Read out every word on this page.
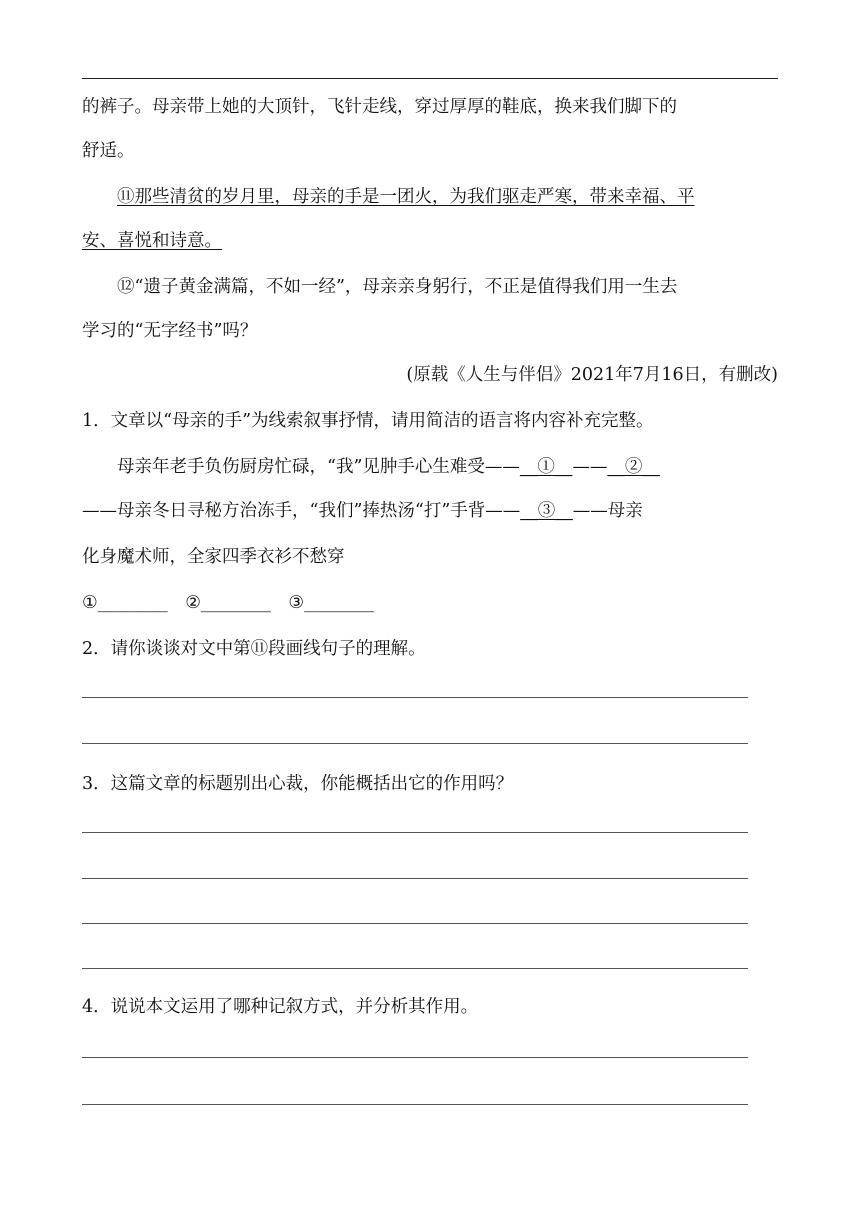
的裤子。母亲带上她的大顶针，飞针走线，穿过厚厚的鞋底，换来我们脚下的
舒适。
⑪那些清贫的岁月里，母亲的手是一团火，为我们驱走严寒，带来幸福、平
安、喜悦和诗意。
⑫“遗子黄金满篇，不如一经”，母亲亲身躬行，不正是值得我们用一生去
学习的“无字经书”吗？
(原载《人生与伴侣》2021年7月16日，有删改)
1．文章以“母亲的手”为线索叙事抒情，请用简洁的语言将内容补充完整。
母亲年老手负伤厨房忙碌，“我”见肿手心生难受——__①__——__②__
——母亲冬日寻秘方治冻手，“我们”捧热汤“打”手背——__③__——母亲
化身魔术师，全家四季衣衫不愁穿
①________　②________　③________
2．请你谈谈对文中第⑪段画线句子的理解。
3．这篇文章的标题别出心裁，你能概括出它的作用吗？
4．说说本文运用了哪种记叙方式，并分析其作用。
